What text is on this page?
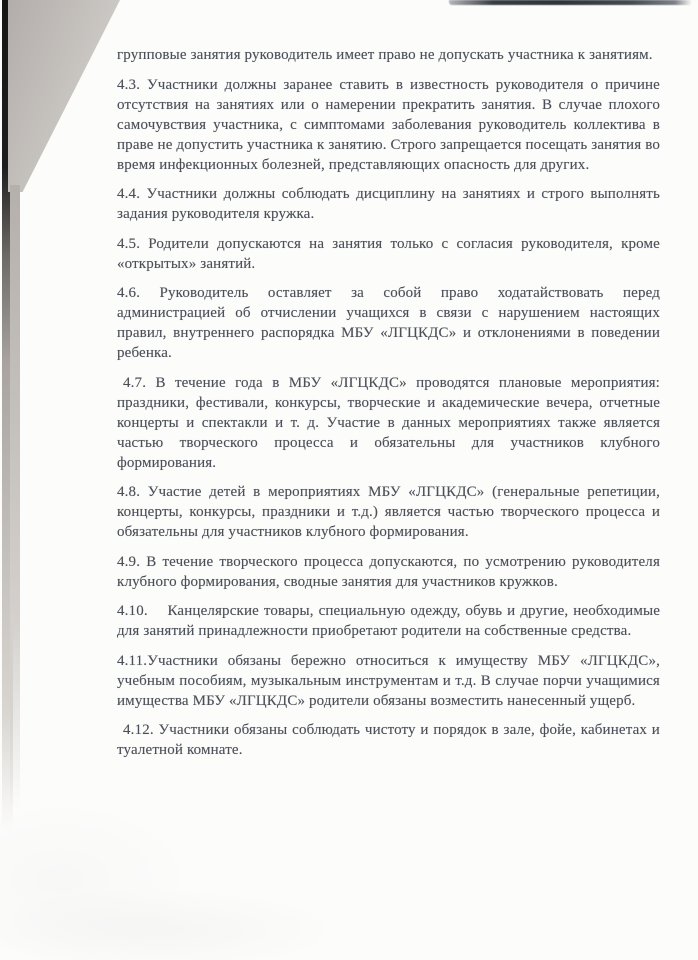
групповые занятия руководитель имеет право не допускать участника к занятиям.

4.3. Участники должны заранее ставить в известность руководителя о причине отсутствия на занятиях или о намерении прекратить занятия. В случае плохого самочувствия участника, с симптомами заболевания руководитель коллектива в праве не допустить участника к занятию. Строго запрещается посещать занятия во время инфекционных болезней, представляющих опасность для других.

4.4. Участники должны соблюдать дисциплину на занятиях и строго выполнять задания руководителя кружка.

4.5. Родители допускаются на занятия только с согласия руководителя, кроме «открытых» занятий.

4.6. Руководитель оставляет за собой право ходатайствовать перед администрацией об отчислении учащихся в связи с нарушением настоящих правил, внутреннего распорядка МБУ «ЛГЦКДС» и отклонениями в поведении ребенка.

4.7. В течение года в МБУ «ЛГЦКДС» проводятся плановые мероприятия: праздники, фестивали, конкурсы, творческие и академические вечера, отчетные концерты и спектакли и т. д. Участие в данных мероприятиях также является частью творческого процесса и обязательны для участников клубного формирования.

4.8. Участие детей в мероприятиях МБУ «ЛГЦКДС» (генеральные репетиции, концерты, конкурсы, праздники и т.д.) является частью творческого процесса и обязательны для участников клубного формирования.

4.9. В течение творческого процесса допускаются, по усмотрению руководителя клубного формирования, сводные занятия для участников кружков.

4.10.    Канцелярские товары, специальную одежду, обувь и другие, необходимые для занятий принадлежности приобретают родители на собственные средства.

4.11.Участники обязаны бережно относиться к имуществу МБУ «ЛГЦКДС», учебным пособиям, музыкальным инструментам и т.д. В случае порчи учащимися имущества МБУ «ЛГЦКДС» родители обязаны возместить нанесенный ущерб.

4.12. Участники обязаны соблюдать чистоту и порядок в зале, фойе, кабинетах и туалетной комнате.
